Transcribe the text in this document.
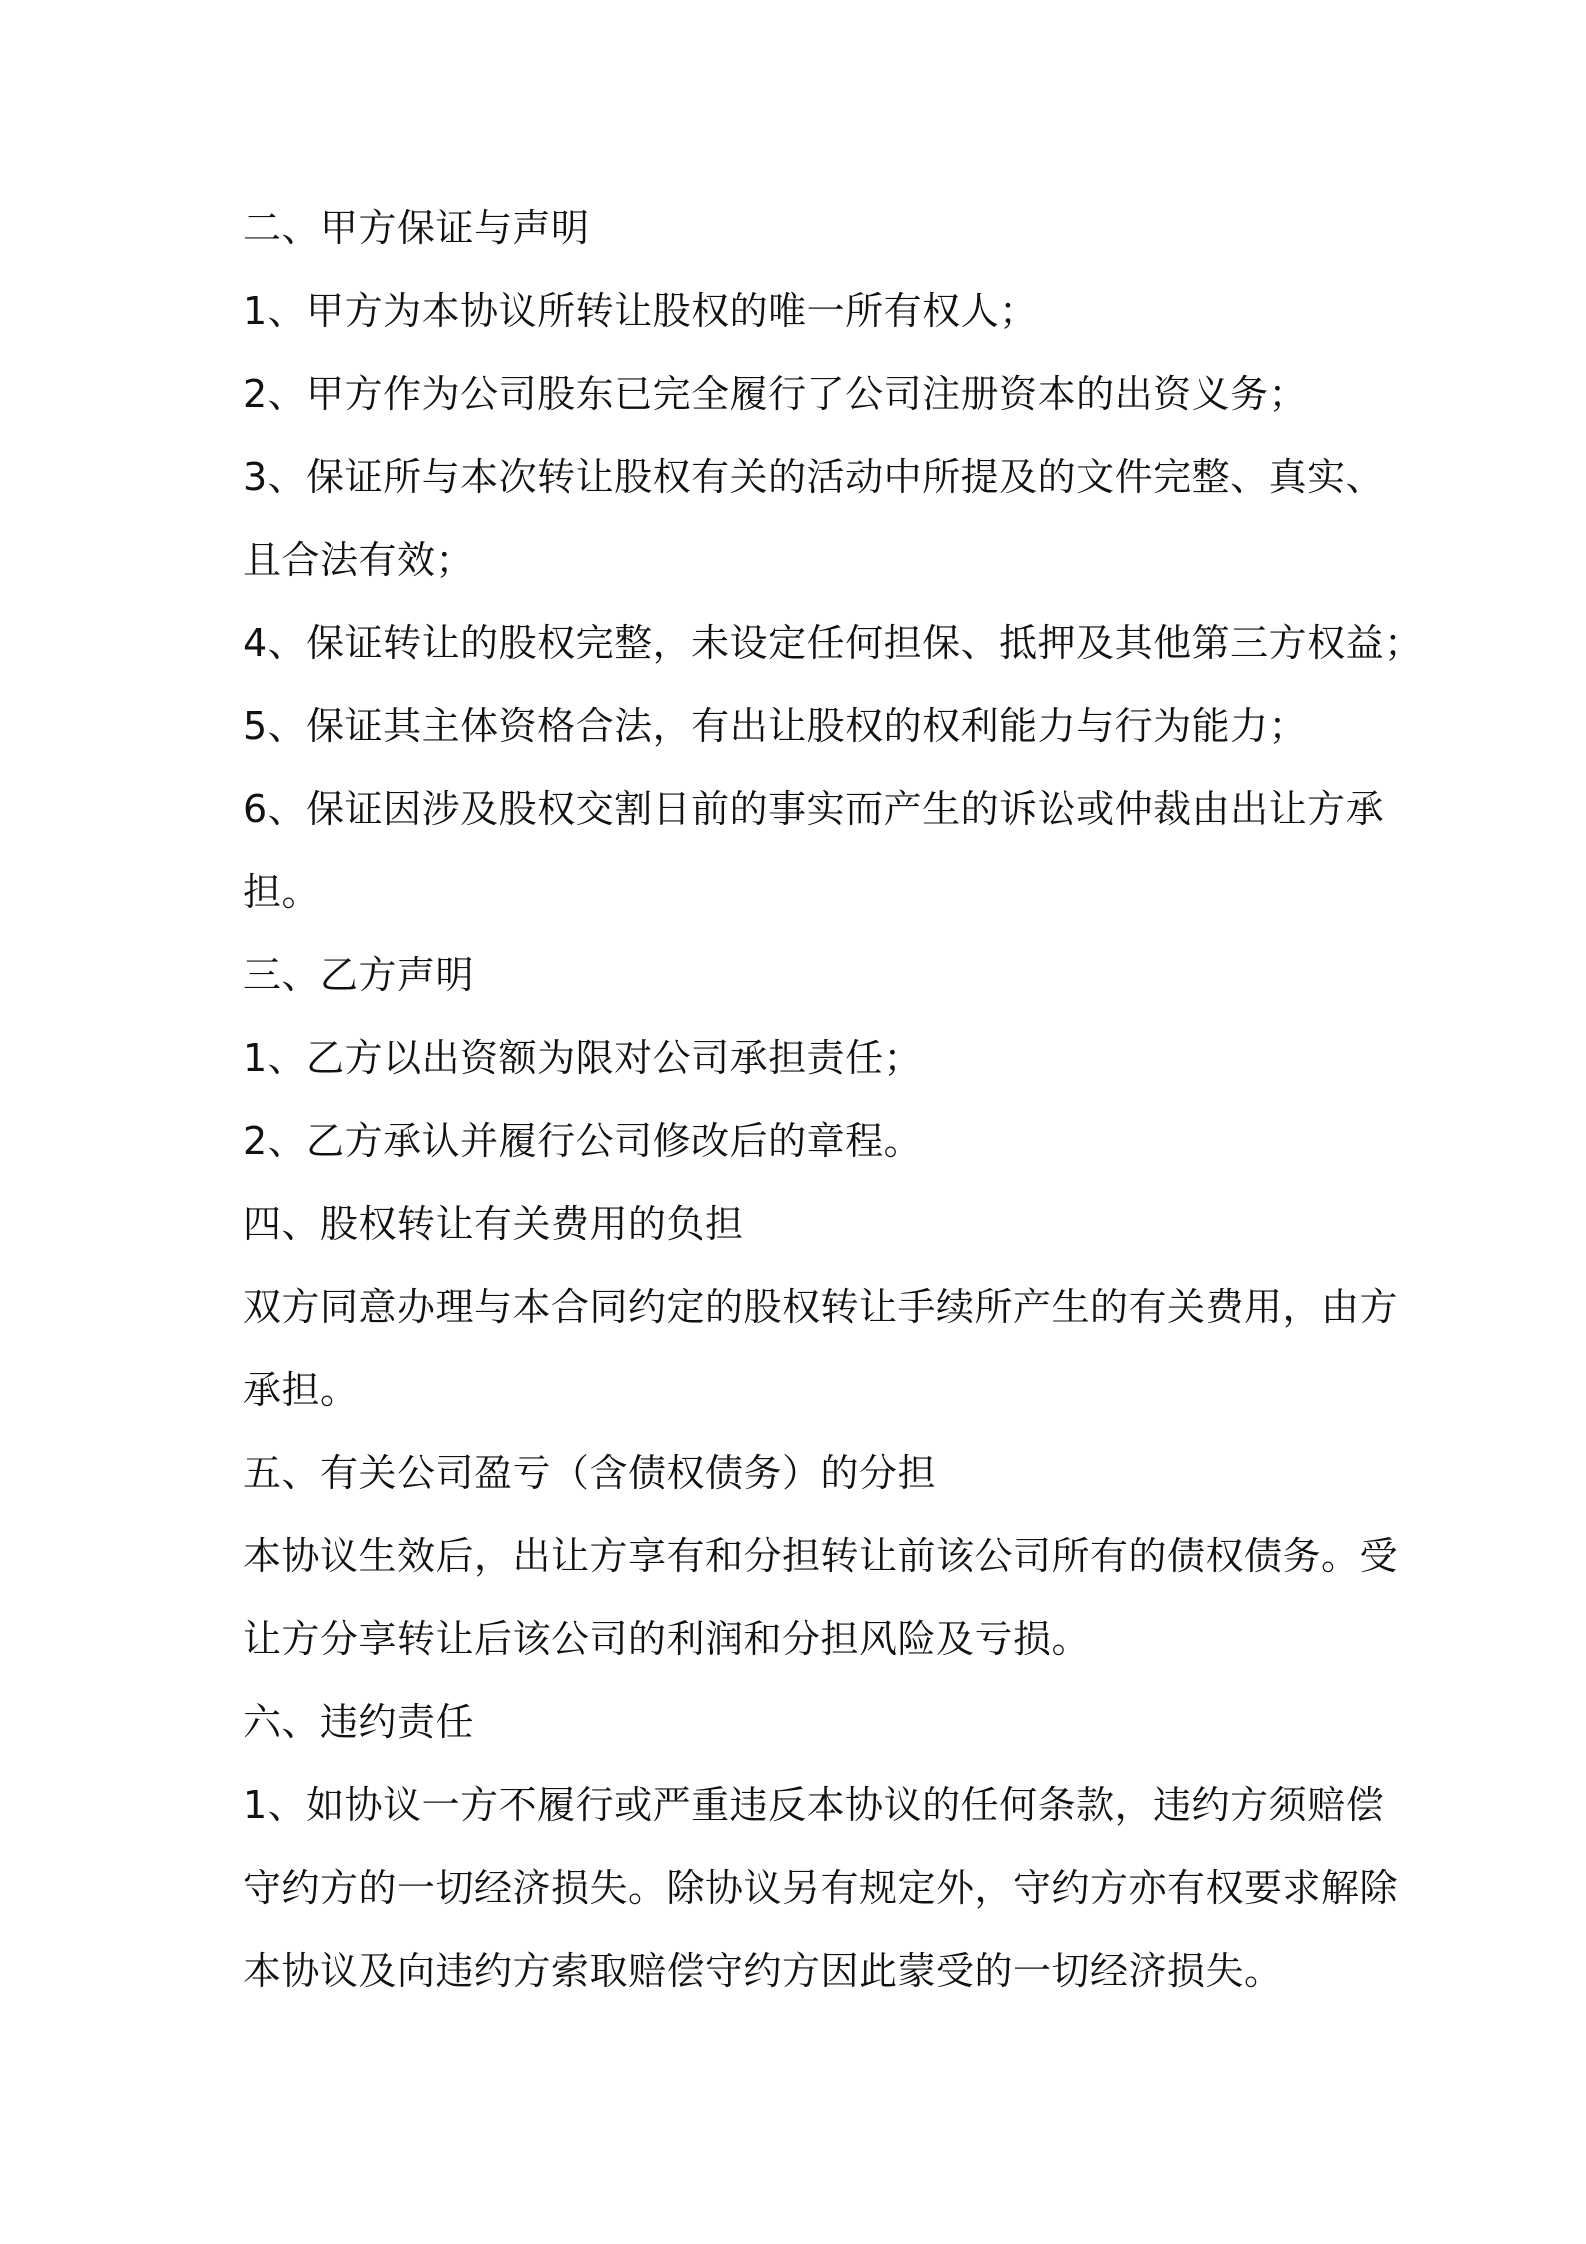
二、甲方保证与声明
1、甲方为本协议所转让股权的唯一所有权人；
2、甲方作为公司股东已完全履行了公司注册资本的出资义务；
3、保证所与本次转让股权有关的活动中所提及的文件完整、真实、
且合法有效；
4、保证转让的股权完整，未设定任何担保、抵押及其他第三方权益；
5、保证其主体资格合法，有出让股权的权利能力与行为能力；
6、保证因涉及股权交割日前的事实而产生的诉讼或仲裁由出让方承
担。
三、乙方声明
1、乙方以出资额为限对公司承担责任；
2、乙方承认并履行公司修改后的章程。
四、股权转让有关费用的负担
双方同意办理与本合同约定的股权转让手续所产生的有关费用，由方
承担。
五、有关公司盈亏（含债权债务）的分担
本协议生效后，出让方享有和分担转让前该公司所有的债权债务。受
让方分享转让后该公司的利润和分担风险及亏损。
六、违约责任
1、如协议一方不履行或严重违反本协议的任何条款，违约方须赔偿
守约方的一切经济损失。除协议另有规定外，守约方亦有权要求解除
本协议及向违约方索取赔偿守约方因此蒙受的一切经济损失。
